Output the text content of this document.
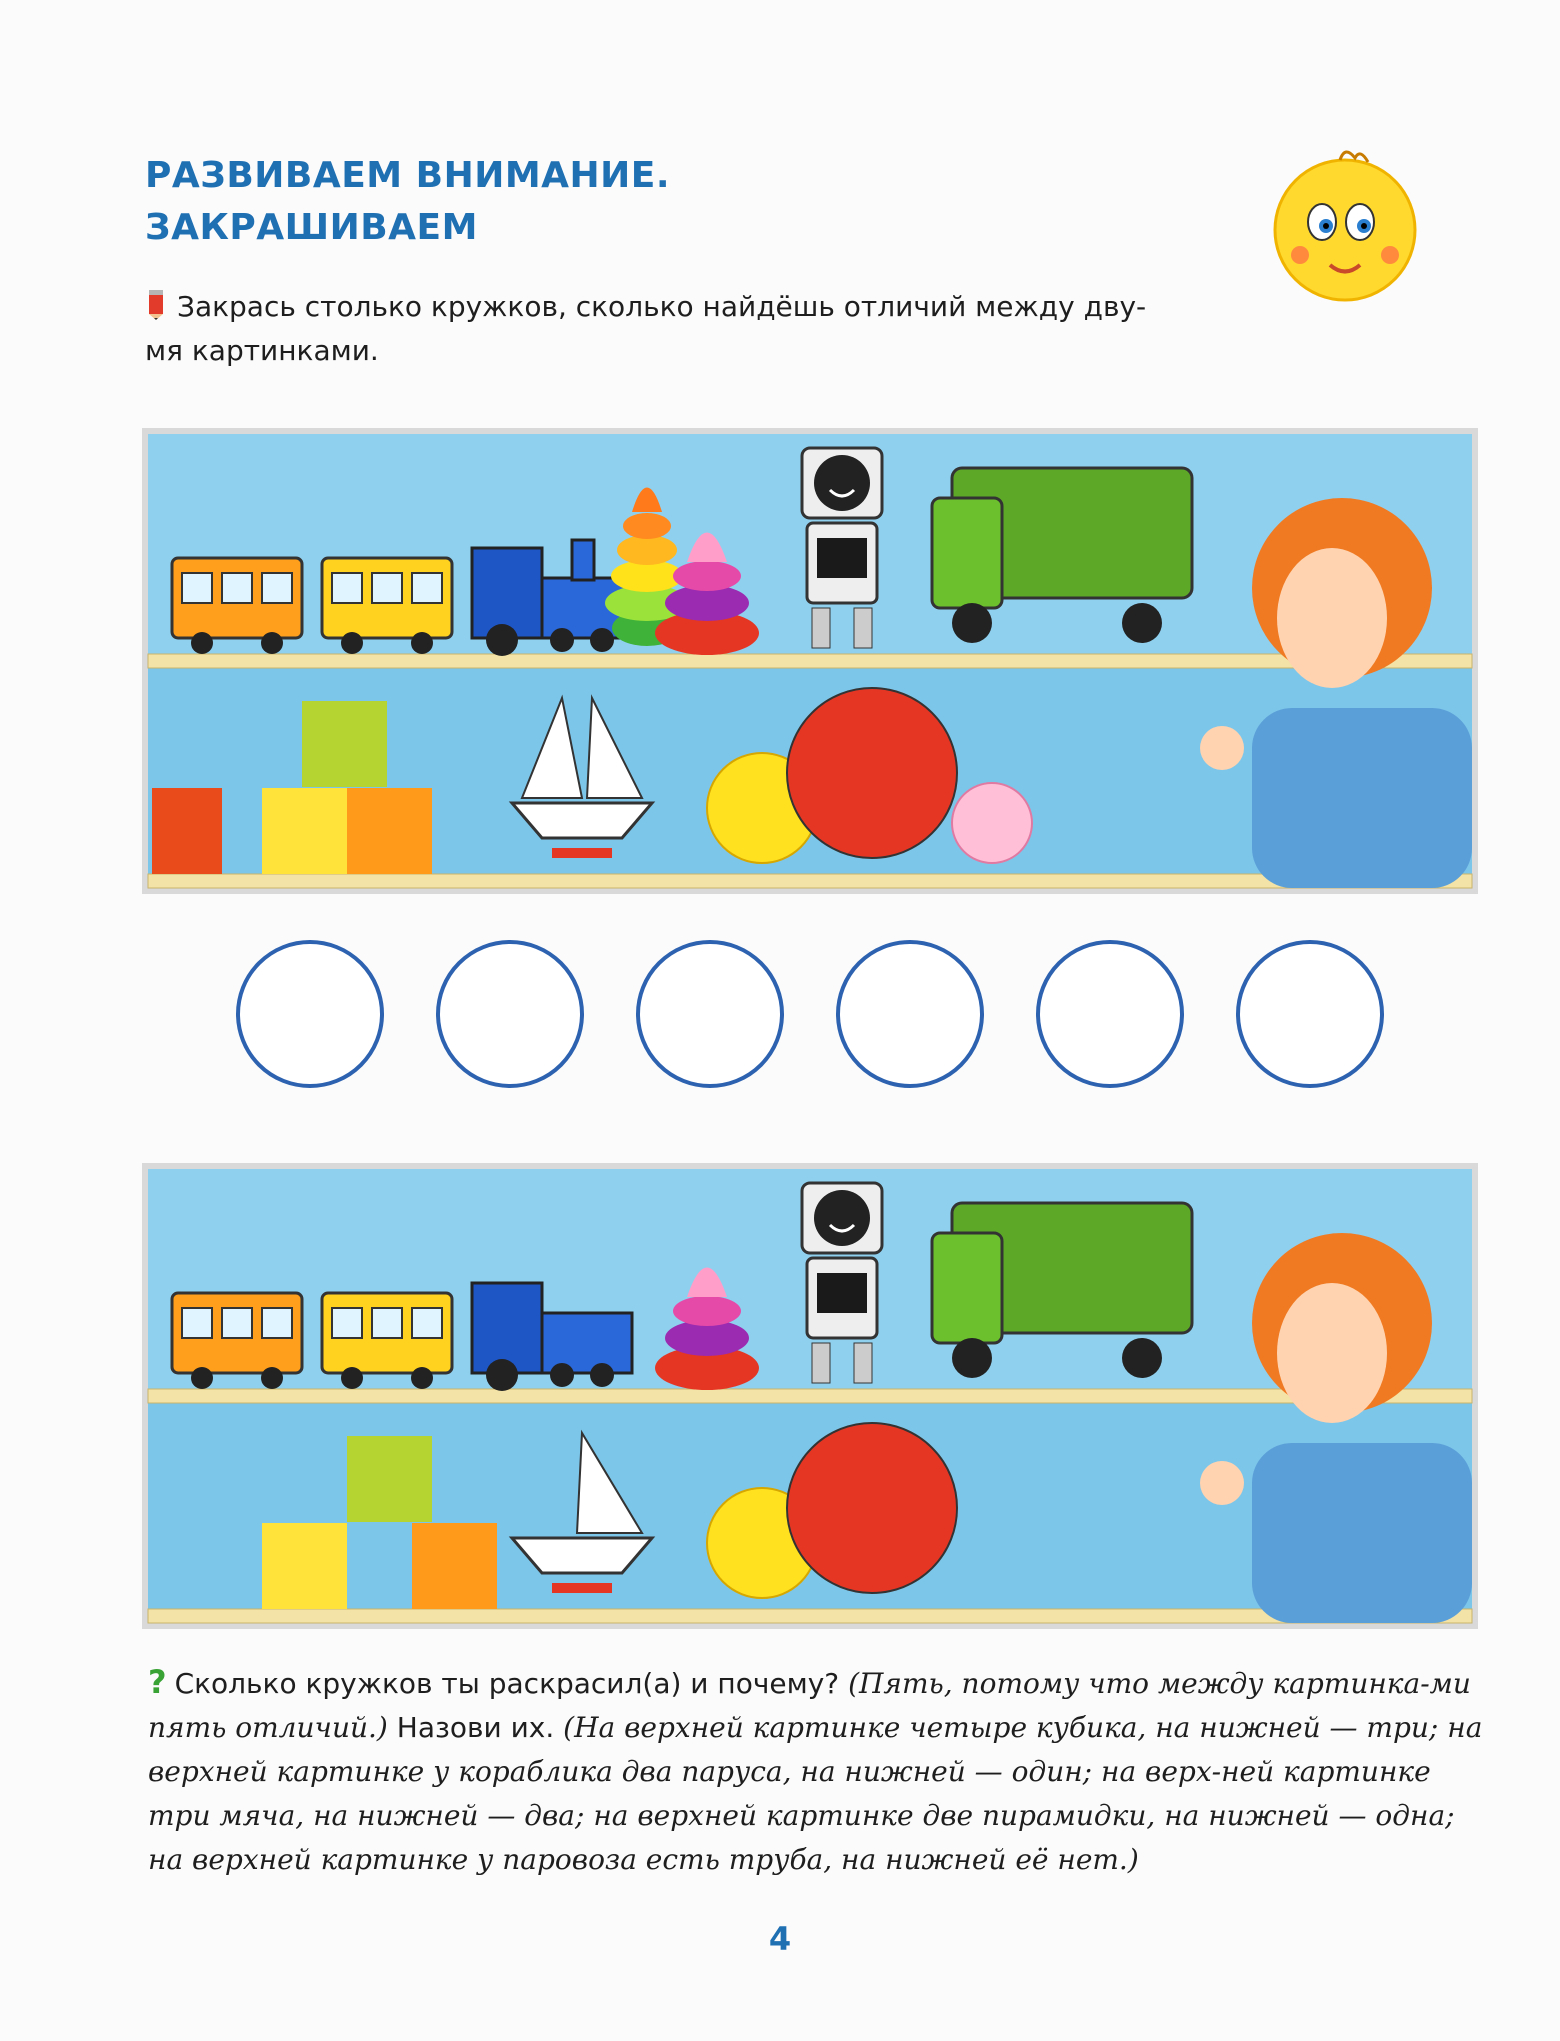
РАЗВИВАЕМ ВНИМАНИЕ.
ЗАКРАШИВАЕМ
Закрась столько кружков, сколько найдёшь отличий между дву-
мя картинками.
? Сколько кружков ты раскрасил(а) и почему? (Пять, потому что между картинка-ми пять отличий.) Назови их. (На верхней картинке четыре кубика, на нижней — три; на верхней картинке у кораблика два паруса, на нижней — один; на верх-ней картинке три мяча, на нижней — два; на верхней картинке две пирамидки, на нижней — одна; на верхней картинке у паровоза есть труба, на нижней её нет.)
4
